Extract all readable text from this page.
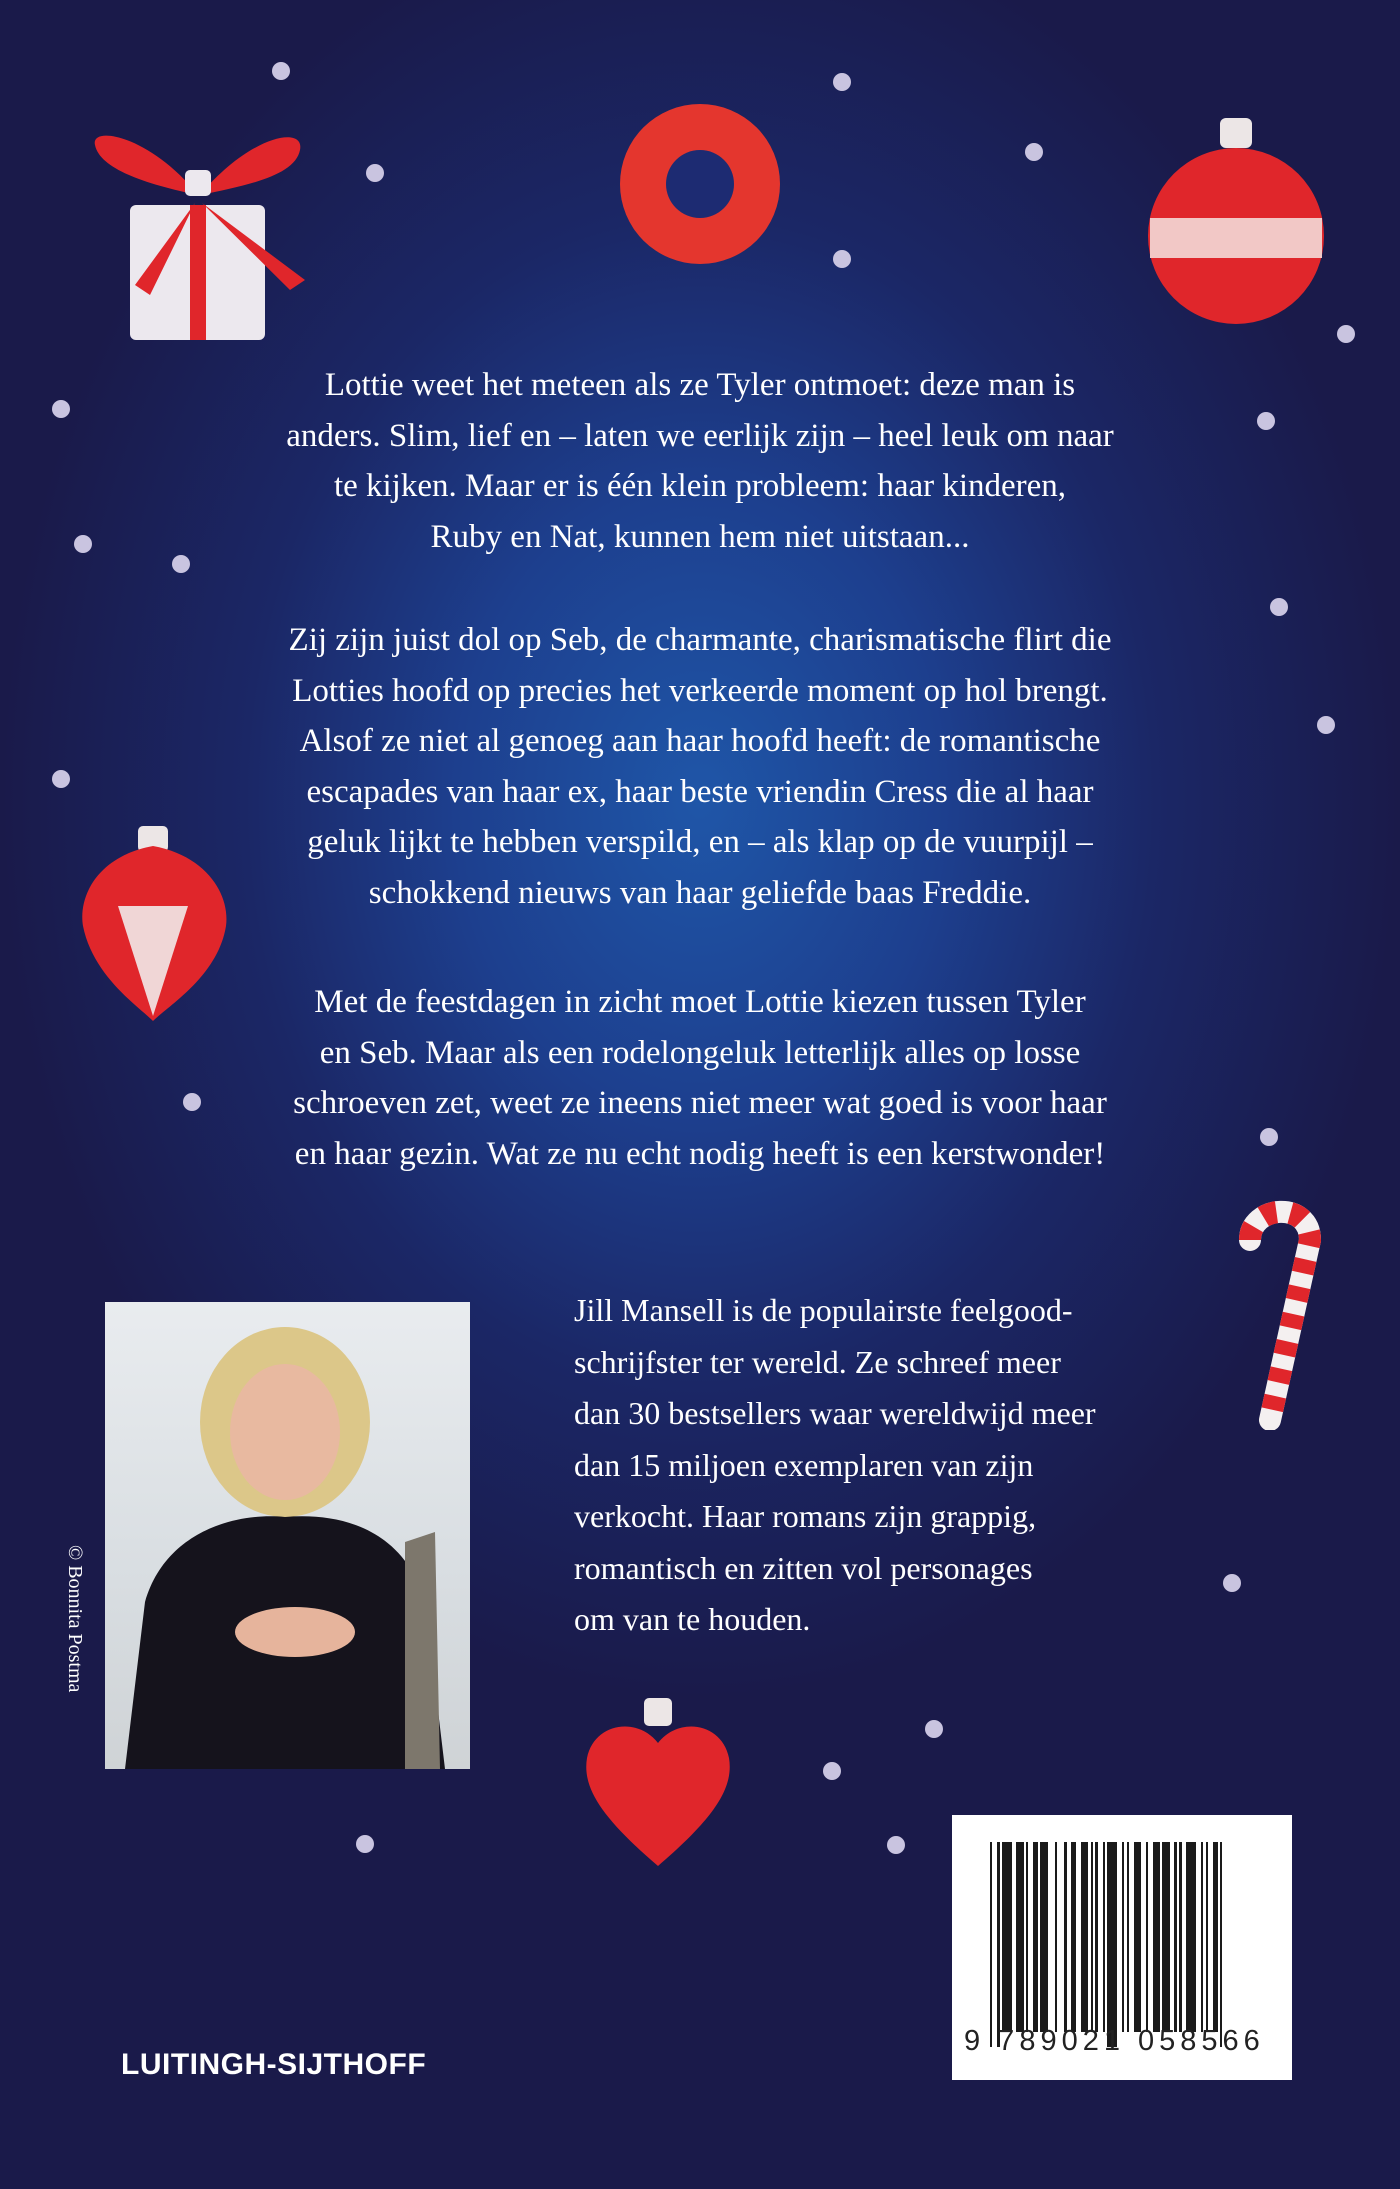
Lottie weet het meteen als ze Tyler ontmoet: deze man is
anders. Slim, lief en – laten we eerlijk zijn – heel leuk om naar
te kijken. Maar er is één klein probleem: haar kinderen,
Ruby en Nat, kunnen hem niet uitstaan...
Zij zijn juist dol op Seb, de charmante, charismatische flirt die
Lotties hoofd op precies het verkeerde moment op hol brengt.
Alsof ze niet al genoeg aan haar hoofd heeft: de romantische
escapades van haar ex, haar beste vriendin Cress die al haar
geluk lijkt te hebben verspild, en – als klap op de vuurpijl –
schokkend nieuws van haar geliefde baas Freddie.
Met de feestdagen in zicht moet Lottie kiezen tussen Tyler
en Seb. Maar als een rodelongeluk letterlijk alles op losse
schroeven zet, weet ze ineens niet meer wat goed is voor haar
en haar gezin. Wat ze nu echt nodig heeft is een kerstwonder!
© Bonnita Postma
Jill Mansell is de populairste feelgood-
schrijfster ter wereld. Ze schreef meer
dan 30 bestsellers waar wereldwijd meer
dan 15 miljoen exemplaren van zijn
verkocht. Haar romans zijn grappig,
romantisch en zitten vol personages
om van te houden.
LUITINGH-SIJTHOFF
9 789021 058566
